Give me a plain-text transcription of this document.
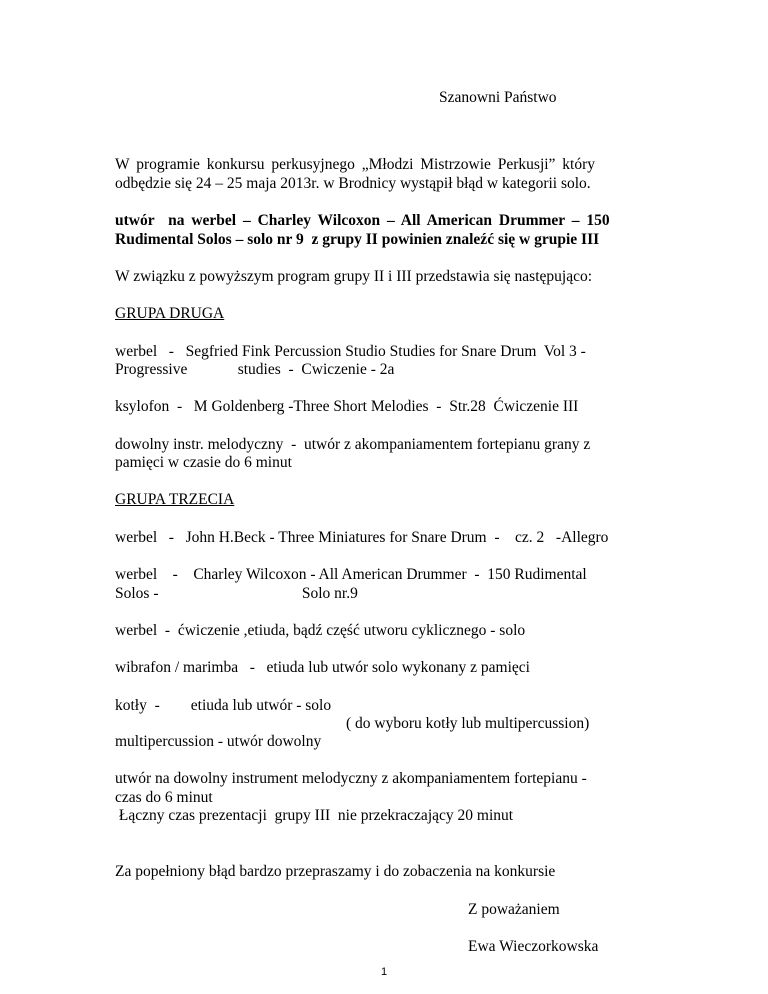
Szanowni Państwo
W programie konkursu perkusyjnego „Młodzi Mistrzowie Perkusji” który
odbędzie się 24 – 25 maja 2013r. w Brodnicy wystąpił błąd w kategorii solo.
utwór  na werbel – Charley Wilcoxon – All American Drummer – 150
Rudimental Solos – solo nr 9  z grupy II powinien znaleźć się w grupie III
W związku z powyższym program grupy II i III przedstawia się następująco:
GRUPA DRUGA
werbel   -   Segfried Fink Percussion Studio Studies for Snare Drum  Vol 3 -
Progressive             studies  -  Cwiczenie - 2a
ksylofon  -   M Goldenberg -Three Short Melodies  -  Str.28  Ćwiczenie III
dowolny instr. melodyczny  -  utwór z akompaniamentem fortepianu grany z
pamięci w czasie do 6 minut
GRUPA TRZECIA
werbel   -   John H.Beck - Three Miniatures for Snare Drum  -    cz. 2   -Allegro
werbel    -    Charley Wilcoxon - All American Drummer  -  150 Rudimental
Solos -                                     Solo nr.9
werbel  -  ćwiczenie ,etiuda, bądź część utworu cyklicznego - solo
wibrafon / marimba   -   etiuda lub utwór solo wykonany z pamięci
kotły  -        etiuda lub utwór - solo
( do wyboru kotły lub multipercussion)
multipercussion - utwór dowolny
utwór na dowolny instrument melodyczny z akompaniamentem fortepianu -
czas do 6 minut
Łączny czas prezentacji  grupy III  nie przekraczający 20 minut
Za popełniony błąd bardzo przepraszamy i do zobaczenia na konkursie
Z poważaniem
Ewa Wieczorkowska
1
